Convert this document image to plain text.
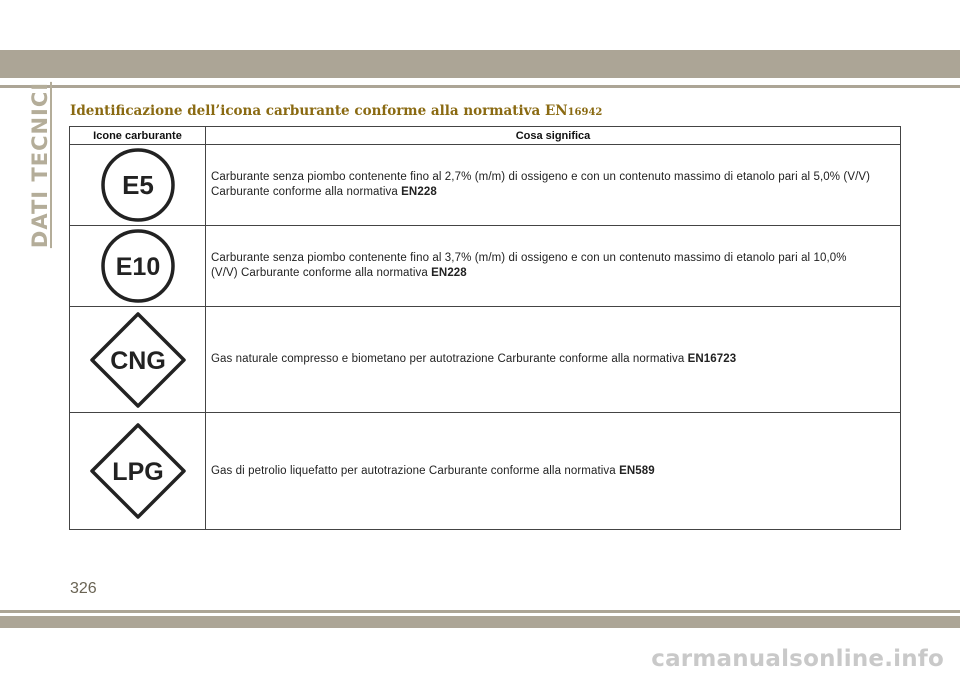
DATI TECNICI Identificazione dell’icona carburante conforme alla normativa EN16942
Icone carburante	Cosa significa

E5	Carburante senza piombo contenente fino al 2,7% (m/m) di ossigeno e con un contenuto massimo di etanolo pari al 5,0% (V/V) Carburante conforme alla normativa EN228

E10	Carburante senza piombo contenente fino al 3,7% (m/m) di ossigeno e con un contenuto massimo di etanolo pari al 10,0% (V/V) Carburante conforme alla normativa EN228

CNG	Gas naturale compresso e biometano per autotrazione Carburante conforme alla normativa EN16723

LPG	Gas di petrolio liquefatto per autotrazione Carburante conforme alla normativa EN589
326
carmanualsonline.info
